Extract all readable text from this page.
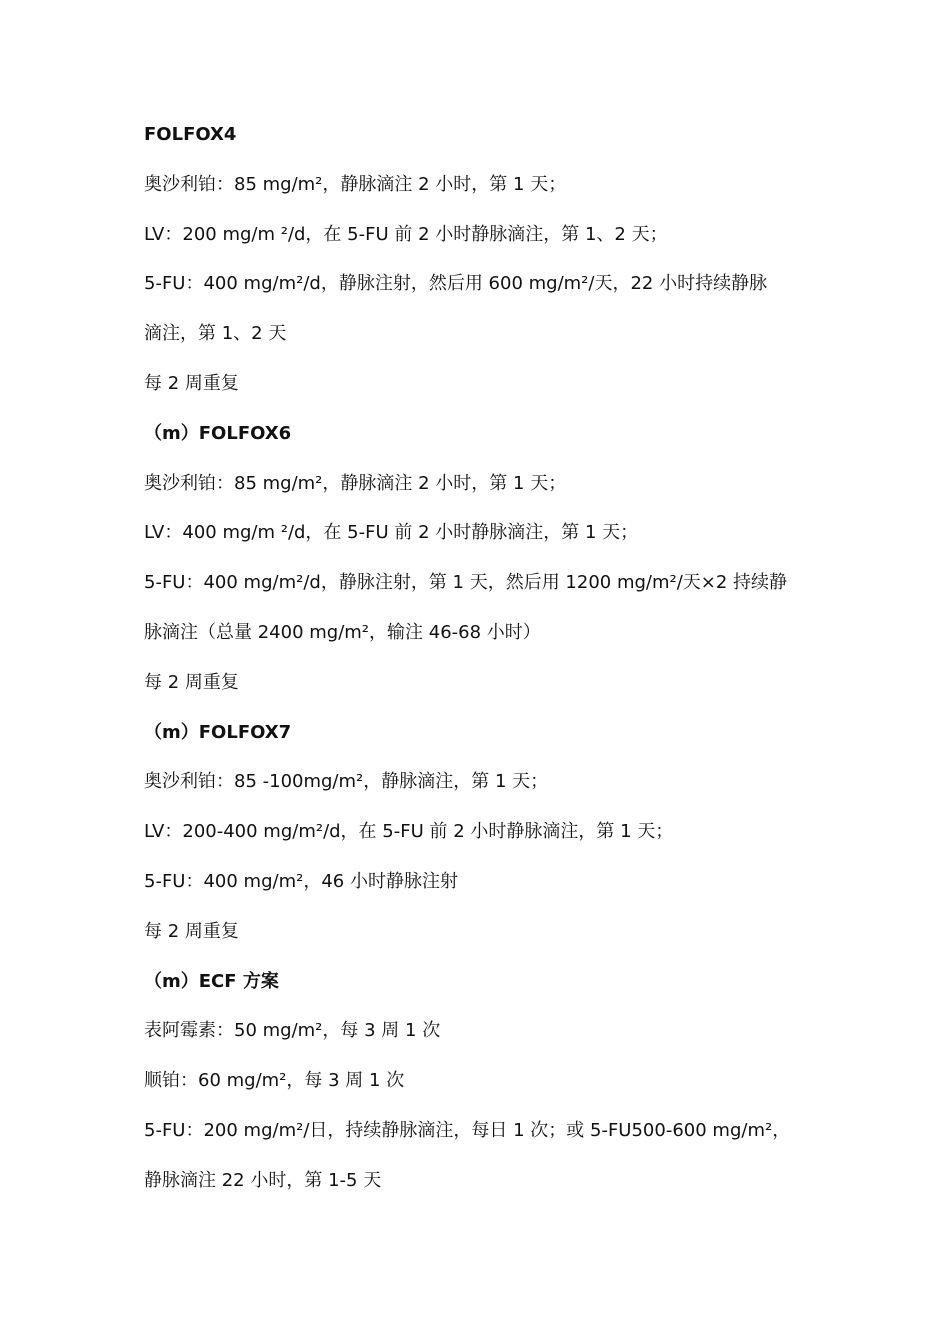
FOLFOX4
奥沙利铂：85 mg/m²，静脉滴注 2 小时，第 1 天；
LV：200 mg/m ²/d，在 5-FU 前 2 小时静脉滴注，第 1、2 天；
5-FU：400 mg/m²/d，静脉注射，然后用 600 mg/m²/天，22 小时持续静脉
滴注，第 1、2 天
每 2 周重复
（m）FOLFOX6
奥沙利铂：85 mg/m²，静脉滴注 2 小时，第 1 天；
LV：400 mg/m ²/d，在 5-FU 前 2 小时静脉滴注，第 1 天；
5-FU：400 mg/m²/d，静脉注射，第 1 天，然后用 1200 mg/m²/天×2 持续静
脉滴注（总量 2400 mg/m²，输注 46-68 小时）
每 2 周重复
（m）FOLFOX7
奥沙利铂：85 -100mg/m²，静脉滴注，第 1 天；
LV：200-400 mg/m²/d，在 5-FU 前 2 小时静脉滴注，第 1 天；
5-FU：400 mg/m²，46 小时静脉注射
每 2 周重复
（m）ECF 方案
表阿霉素：50 mg/m²，每 3 周 1 次
顺铂：60 mg/m²，每 3 周 1 次
5-FU：200 mg/m²/日，持续静脉滴注，每日 1 次；或 5-FU500-600 mg/m²，
静脉滴注 22 小时，第 1-5 天
